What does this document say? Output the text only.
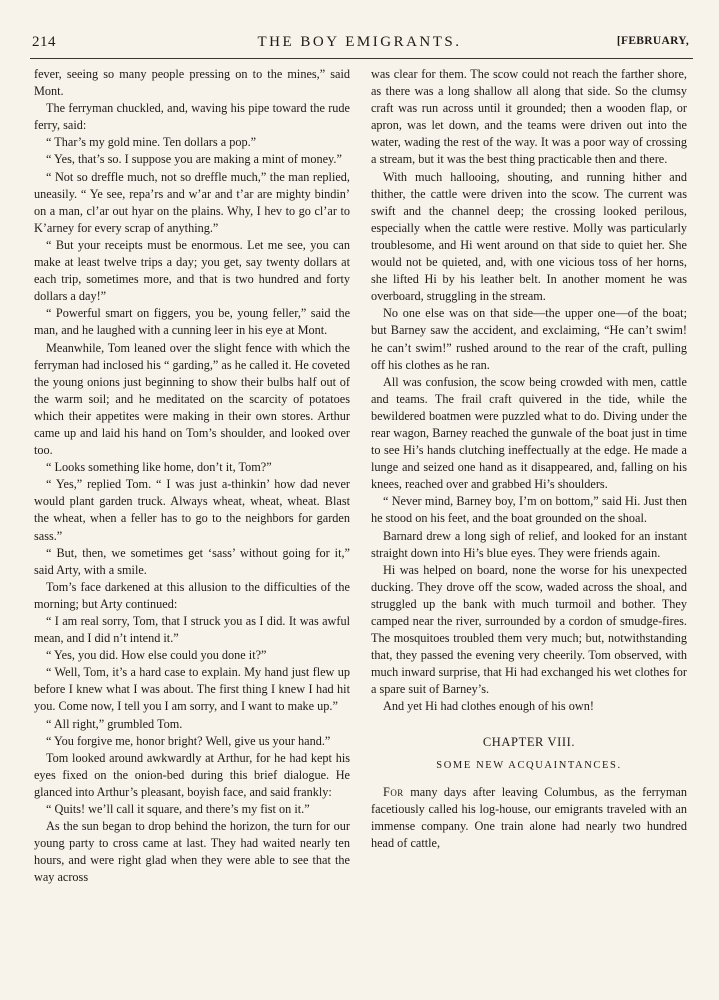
214	THE BOY EMIGRANTS.	[FEBRUARY,

fever, seeing so many people pressing on to the mines,” said Mont.

The ferryman chuckled, and, waving his pipe toward the rude ferry, said:

“ Thar’s my gold mine. Ten dollars a pop.”

“ Yes, that’s so. I suppose you are making a mint of money.”

“ Not so dreffle much, not so dreffle much,” the man replied, uneasily. “ Ye see, repa’rs and w’ar and t’ar are mighty bindin’ on a man, cl’ar out hyar on the plains. Why, I hev to go cl’ar to K’arney for every scrap of anything.”

“ But your receipts must be enormous. Let me see, you can make at least twelve trips a day; you get, say twenty dollars at each trip, sometimes more, and that is two hundred and forty dollars a day!”

“ Powerful smart on figgers, you be, young feller,” said the man, and he laughed with a cunning leer in his eye at Mont.

Meanwhile, Tom leaned over the slight fence with which the ferryman had inclosed his “ garding,” as he called it. He coveted the young onions just beginning to show their bulbs half out of the warm soil; and he meditated on the scarcity of potatoes which their appetites were making in their own stores. Arthur came up and laid his hand on Tom’s shoulder, and looked over too.

“ Looks something like home, don’t it, Tom?”

“ Yes,” replied Tom. “ I was just a-thinkin’ how dad never would plant garden truck. Always wheat, wheat, wheat. Blast the wheat, when a feller has to go to the neighbors for garden sass.”

“ But, then, we sometimes get ‘sass’ without going for it,” said Arty, with a smile.

Tom’s face darkened at this allusion to the difficulties of the morning; but Arty continued:

“ I am real sorry, Tom, that I struck you as I did. It was awful mean, and I did n’t intend it.”

“ Yes, you did. How else could you done it?”

“ Well, Tom, it’s a hard case to explain. My hand just flew up before I knew what I was about. The first thing I knew I had hit you. Come now, I tell you I am sorry, and I want to make up.”

“ All right,” grumbled Tom.

“ You forgive me, honor bright? Well, give us your hand.”

Tom looked around awkwardly at Arthur, for he had kept his eyes fixed on the onion-bed during this brief dialogue. He glanced into Arthur’s pleasant, boyish face, and said frankly:

“ Quits! we’ll call it square, and there’s my fist on it.”

As the sun began to drop behind the horizon, the turn for our young party to cross came at last. They had waited nearly ten hours, and were right glad when they were able to see that the way across

was clear for them. The scow could not reach the farther shore, as there was a long shallow all along that side. So the clumsy craft was run across until it grounded; then a wooden flap, or apron, was let down, and the teams were driven out into the water, wading the rest of the way. It was a poor way of crossing a stream, but it was the best thing practicable then and there.

With much hallooing, shouting, and running hither and thither, the cattle were driven into the scow. The current was swift and the channel deep; the crossing looked perilous, especially when the cattle were restive. Molly was particularly troublesome, and Hi went around on that side to quiet her. She would not be quieted, and, with one vicious toss of her horns, she lifted Hi by his leather belt. In another moment he was overboard, struggling in the stream.

No one else was on that side—the upper one—of the boat; but Barney saw the accident, and exclaiming, “He can’t swim! he can’t swim!” rushed around to the rear of the craft, pulling off his clothes as he ran.

All was confusion, the scow being crowded with men, cattle and teams. The frail craft quivered in the tide, while the bewildered boatmen were puzzled what to do. Diving under the rear wagon, Barney reached the gunwale of the boat just in time to see Hi’s hands clutching ineffectually at the edge. He made a lunge and seized one hand as it disappeared, and, falling on his knees, reached over and grabbed Hi’s shoulders.

“ Never mind, Barney boy, I’m on bottom,” said Hi. Just then he stood on his feet, and the boat grounded on the shoal.

Barnard drew a long sigh of relief, and looked for an instant straight down into Hi’s blue eyes. They were friends again.

Hi was helped on board, none the worse for his unexpected ducking. They drove off the scow, waded across the shoal, and struggled up the bank with much turmoil and bother. They camped near the river, surrounded by a cordon of smudge-fires. The mosquitoes troubled them very much; but, notwithstanding that, they passed the evening very cheerily. Tom observed, with much inward surprise, that Hi had exchanged his wet clothes for a spare suit of Barney’s.

And yet Hi had clothes enough of his own!

CHAPTER VIII.

SOME NEW ACQUAINTANCES.

For many days after leaving Columbus, as the ferryman facetiously called his log-house, our emigrants traveled with an immense company. One train alone had nearly two hundred head of cattle,
